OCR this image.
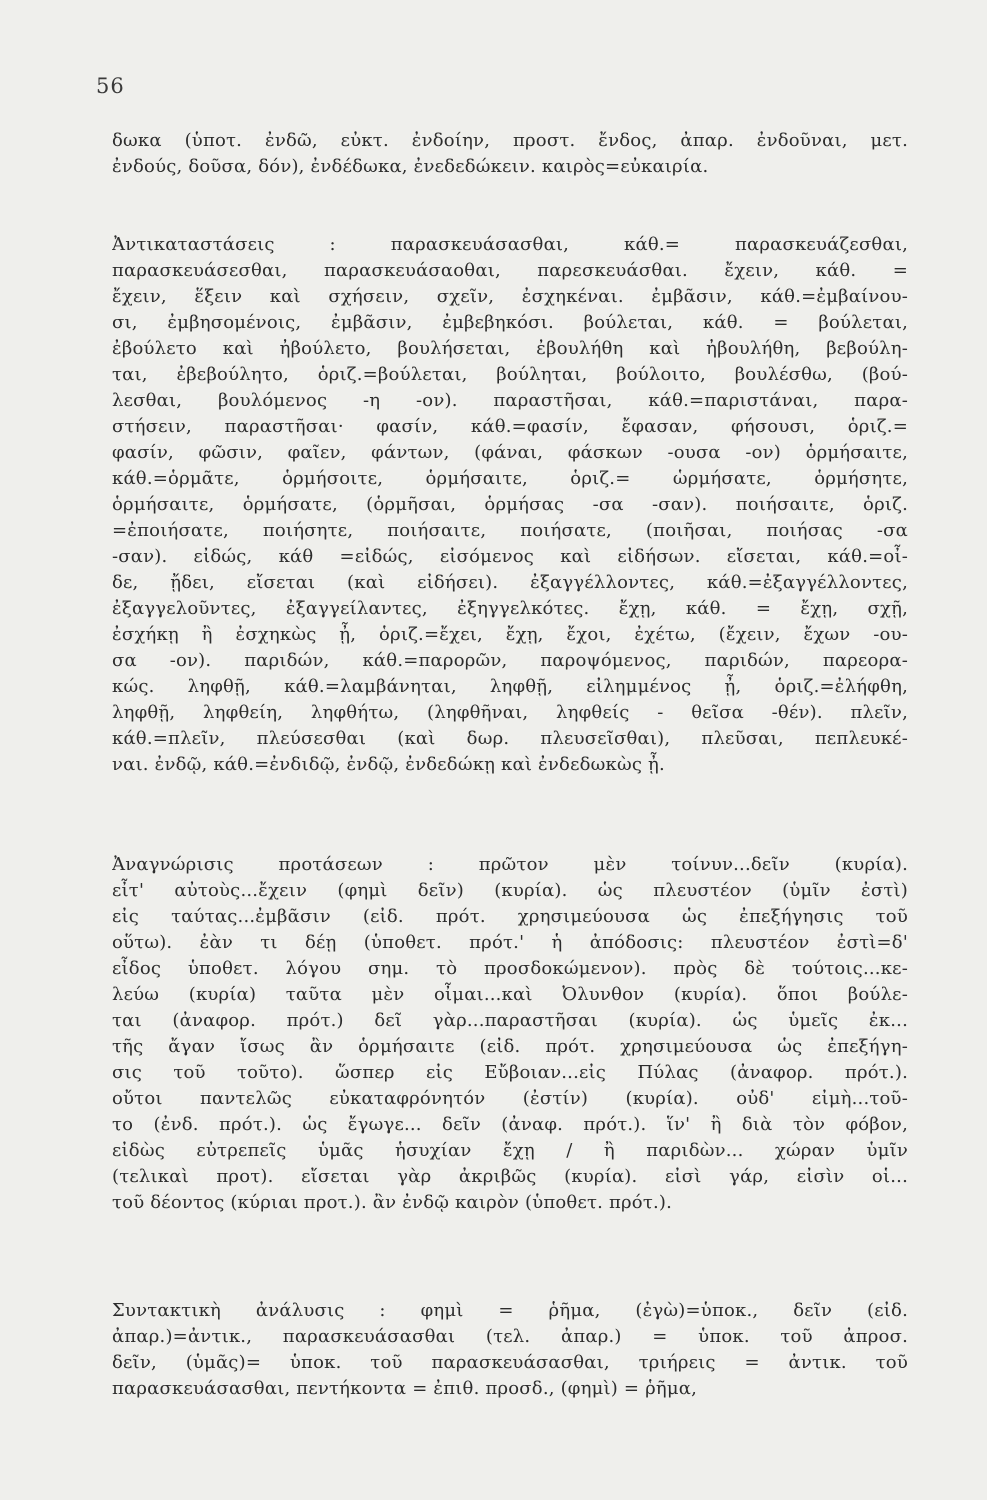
56
δωκα (ὑποτ. ἐνδῶ, εὐκτ. ἐνδοίην, προστ. ἔνδος, ἀπαρ. ἐνδοῦναι, μετ.
ἐνδούς, δοῦσα, δόν), ἐνδέδωκα, ἐνεδεδώκειν. καιρὸς=εὐκαιρία.
Ἀντικαταστάσεις : παρασκευάσασθαι, κάθ.= παρασκευάζεσθαι,
παρασκευάσεσθαι, παρασκευάσαοθαι, παρεσκευάσθαι. ἔχειν, κάθ. =
ἔχειν, ἕξειν καὶ σχήσειν, σχεῖν, ἐσχηκέναι. ἐμβᾶσιν, κάθ.=ἐμβαίνου-
σι, ἐμβησομένοις, ἐμβᾶσιν, ἐμβεβηκόσι. βούλεται, κάθ. = βούλεται,
ἐβούλετο καὶ ἠβούλετο, βουλήσεται, ἐβουλήθη καὶ ἠβουλήθη, βεβούλη-
ται, ἐβεβούλητο, ὁριζ.=βούλεται, βούληται, βούλοιτο, βουλέσθω, (βού-
λεσθαι, βουλόμενος -η -ον). παραστῆσαι, κάθ.=παριστάναι, παρα-
στήσειν, παραστῆσαι· φασίν, κάθ.=φασίν, ἔφασαν, φήσουσι, ὁριζ.=
φασίν, φῶσιν, φαῖεν, φάντων, (φάναι, φάσκων -ουσα -ον) ὁρμήσαιτε,
κάθ.=ὁρμᾶτε, ὁρμήσοιτε, ὁρμήσαιτε, ὁριζ.= ὡρμήσατε, ὁρμήσητε,
ὁρμήσαιτε, ὁρμήσατε, (ὁρμῆσαι, ὁρμήσας -σα -σαν). ποιήσαιτε, ὁριζ.
=ἐποιήσατε, ποιήσητε, ποιήσαιτε, ποιήσατε, (ποιῆσαι, ποιήσας -σα
-σαν). εἰδώς, κάθ =εἰδώς, εἰσόμενος καὶ εἰδήσων. εἴσεται, κάθ.=οἶ-
δε, ᾔδει, εἴσεται (καὶ εἰδήσει). ἐξαγγέλλοντες, κάθ.=ἐξαγγέλλοντες,
ἐξαγγελοῦντες, ἐξαγγείλαντες, ἐξηγγελκότες. ἔχῃ, κάθ. = ἔχῃ, σχῇ,
ἐσχήκῃ ἢ ἐσχηκὼς ᾖ, ὁριζ.=ἔχει, ἔχῃ, ἔχοι, ἐχέτω, (ἔχειν, ἔχων -ου-
σα -ον). παριδών, κάθ.=παρορῶν, παροψόμενος, παριδών, παρεορα-
κώς. ληφθῇ, κάθ.=λαμβάνηται, ληφθῇ, εἰλημμένος ᾖ, ὁριζ.=ἐλήφθη,
ληφθῇ, ληφθείη, ληφθήτω, (ληφθῆναι, ληφθείς - θεῖσα -θέν). πλεῖν,
κάθ.=πλεῖν, πλεύσεσθαι (καὶ δωρ. πλευσεῖσθαι), πλεῦσαι, πεπλευκέ-
ναι. ἐνδῷ, κάθ.=ἐνδιδῷ, ἐνδῷ, ἐνδεδώκῃ καὶ ἐνδεδωκὼς ᾖ.
Ἀναγνώρισις προτάσεων : πρῶτον μὲν τοίνυν...δεῖν (κυρία).
εἶτ' αὐτοὺς...ἔχειν (φημὶ δεῖν) (κυρία). ὡς πλευστέον (ὑμῖν ἐστὶ)
εἰς ταύτας...ἐμβᾶσιν (εἰδ. πρότ. χρησιμεύουσα ὡς ἐπεξήγησις τοῦ
οὕτω). ἐὰν τι δέῃ (ὑποθετ. πρότ.' ἡ ἀπόδοσις: πλευστέον ἐστὶ=δ'
εἶδος ὑποθετ. λόγου σημ. τὸ προσδοκώμενον). πρὸς δὲ τούτοις...κε-
λεύω (κυρία) ταῦτα μὲν οἶμαι...καὶ Ὀλυνθον (κυρία). ὅποι βούλε-
ται (ἀναφορ. πρότ.) δεῖ γὰρ...παραστῆσαι (κυρία). ὡς ὑμεῖς ἐκ...
τῆς ἄγαν ἴσως ἂν ὁρμήσαιτε (εἰδ. πρότ. χρησιμεύουσα ὡς ἐπεξήγη-
σις τοῦ τοῦτο). ὥσπερ εἰς Εὔβοιαν...εἰς Πύλας (ἀναφορ. πρότ.).
οὔτοι παντελῶς εὐκαταφρόνητόν (ἐστίν) (κυρία). οὐδ' εἰμὴ...τοῦ-
το (ἐνδ. πρότ.). ὡς ἔγωγε... δεῖν (ἀναφ. πρότ.). ἵν' ἢ διὰ τὸν φόβον,
εἰδὼς εὐτρεπεῖς ὑμᾶς ἡσυχίαν ἔχῃ / ἢ παριδὼν... χώραν ὑμῖν
(τελικαὶ προτ). εἴσεται γὰρ ἀκριβῶς (κυρία). εἰσὶ γάρ, εἰσὶν οἱ...
τοῦ δέοντος (κύριαι προτ.). ἂν ἐνδῷ καιρὸν (ὑποθετ. πρότ.).
Συντακτικὴ ἀνάλυσις : φημὶ = ῥῆμα, (ἐγὼ)=ὑποκ., δεῖν (εἰδ.
ἀπαρ.)=ἀντικ., παρασκευάσασθαι (τελ. ἀπαρ.) = ὑποκ. τοῦ ἀπροσ.
δεῖν, (ὑμᾶς)= ὑποκ. τοῦ παρασκευάσασθαι, τριήρεις = ἀντικ. τοῦ
παρασκευάσασθαι, πεντήκοντα = ἐπιθ. προσδ., (φημὶ) = ῥῆμα,
